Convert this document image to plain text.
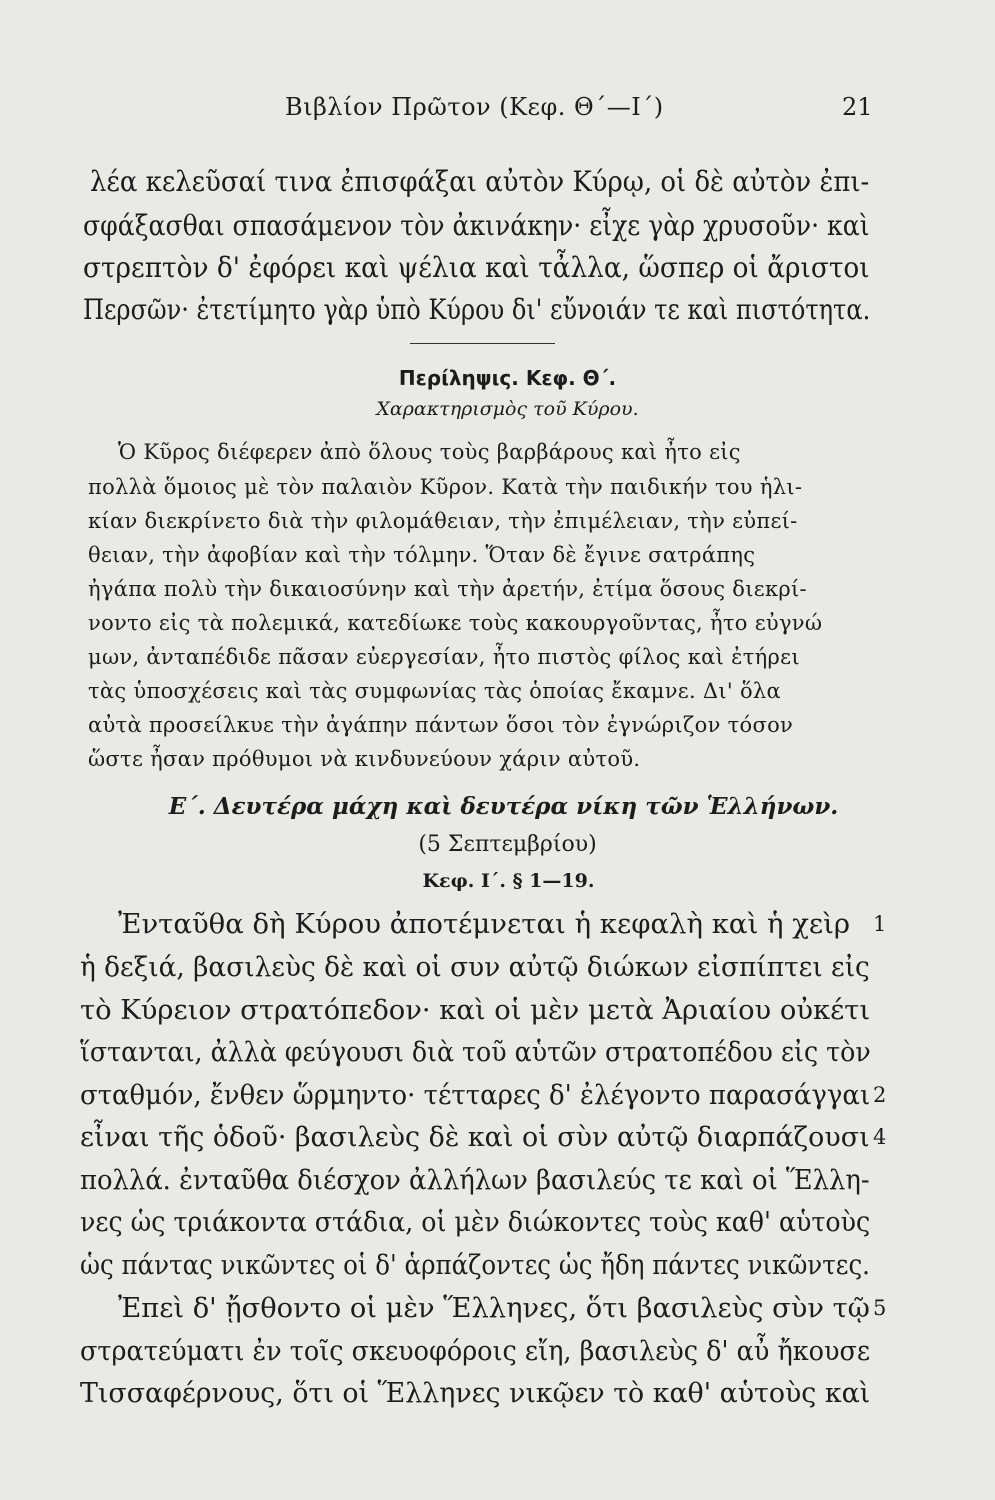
Βιβλίον Πρῶτον (Κεφ. Θ΄—Ι΄)	21
λέα κελεῦσαί τινα ἐπισφάξαι αὐτὸν Κύρῳ, οἱ δὲ αὐτὸν ἐπι-
σφάξασθαι σπασάμενον τὸν ἀκινάκην· εἶχε γὰρ χρυσοῦν· καὶ
στρεπτὸν δ' ἐφόρει καὶ ψέλια καὶ τἆλλα, ὥσπερ οἱ ἄριστοι
Περσῶν· ἐτετίμητο γὰρ ὑπὸ Κύρου δι' εὔνοιάν τε καὶ πιστότητα.
Περίληψις. Κεφ. Θ΄.
Χαρακτηρισμὸς τοῦ Κύρου.
Ὁ Κῦρος διέφερεν ἀπὸ ὅλους τοὺς βαρβάρους καὶ ἦτο εἰς
πολλὰ ὅμοιος μὲ τὸν παλαιὸν Κῦρον. Κατὰ τὴν παιδικήν του ἡλι-
κίαν διεκρίνετο διὰ τὴν φιλομάθειαν, τὴν ἐπιμέλειαν, τὴν εὐπεί-
θειαν, τὴν ἀφοβίαν καὶ τὴν τόλμην. Ὅταν δὲ ἔγινε σατράπης
ἠγάπα πολὺ τὴν δικαιοσύνην καὶ τὴν ἀρετήν, ἐτίμα ὅσους διεκρί-
νοντο εἰς τὰ πολεμικά, κατεδίωκε τοὺς κακουργοῦντας, ἦτο εὐγνώ
μων, ἀνταπέδιδε πᾶσαν εὐεργεσίαν, ἦτο πιστὸς φίλος καὶ ἐτήρει
τὰς ὑποσχέσεις καὶ τὰς συμφωνίας τὰς ὁποίας ἔκαμνε. Δι' ὅλα
αὐτὰ προσείλκυε τὴν ἀγάπην πάντων ὅσοι τὸν ἐγνώριζον τόσον
ὥστε ἦσαν πρόθυμοι νὰ κινδυνεύουν χάριν αὐτοῦ.
Ε΄. Δευτέρα μάχη καὶ δευτέρα νίκη τῶν Ἑλλήνων.
(5 Σεπτεμβρίου)
Κεφ. Ι΄. § 1—19.
Ἐνταῦθα δὴ Κύρου ἀποτέμνεται ἡ κεφαλὴ καὶ ἡ χεὶρ
ἡ δεξιά, βασιλεὺς δὲ καὶ οἱ συν αὐτῷ διώκων εἰσπίπτει εἰς
τὸ Κύρειον στρατόπεδον· καὶ οἱ μὲν μετὰ Ἀριαίου οὐκέτι
ἵστανται, ἀλλὰ φεύγουσι διὰ τοῦ αὑτῶν στρατοπέδου εἰς τὸν
σταθμόν, ἔνθεν ὥρμηντο· τέτταρες δ' ἐλέγοντο παρασάγγαι
εἶναι τῆς ὁδοῦ· βασιλεὺς δὲ καὶ οἱ σὺν αὐτῷ διαρπάζουσι
πολλά. ἐνταῦθα διέσχον ἀλλήλων βασιλεύς τε καὶ οἱ Ἕλλη-
νες ὡς τριάκοντα στάδια, οἱ μὲν διώκοντες τοὺς καθ' αὑτοὺς
ὡς πάντας νικῶντες οἱ δ' ἁρπάζοντες ὡς ἤδη πάντες νικῶντες.
Ἐπεὶ δ' ᾔσθοντο οἱ μὲν Ἕλληνες, ὅτι βασιλεὺς σὺν τῷ
στρατεύματι ἐν τοῖς σκευοφόροις εἴη, βασιλεὺς δ' αὖ ἤκουσε
Τισσαφέρνους, ὅτι οἱ Ἕλληνες νικῷεν τὸ καθ' αὑτοὺς καὶ
1
2
4
5
